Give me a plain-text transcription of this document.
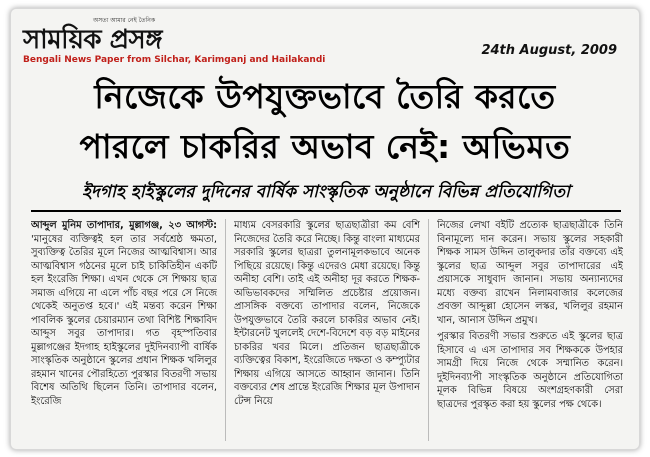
অসত্য আমার নেই তৈনিক
সাময়িক প্রসঙ্গ
Bengali News Paper from Silchar, Karimganj and Hailakandi
24th August, 2009
নিজেকে উপযুক্তভাবে তৈরি করতে
পারলে চাকরির অভাব নেই: অভিমত
ইদগাহ হাইস্কুলের দুদিনের বার্ষিক সাংস্কৃতিক অনুষ্ঠানে বিভিন্ন প্রতিযোগিতা

আব্দুল মুনিম তাপাদার, মুল্লাগঞ্জ, ২৩ আগস্ট: 'মানুষের ব্যক্তিত্বই হল তার সর্বশ্রেষ্ঠ ক্ষমতা, সুব্যক্তিত্ব তৈরির মূলে নিজের আত্মবিশ্বাস। আর আত্মবিশ্বাস গঠনের মূলে চাই চাকিতিহীন একটি হল ইংরেজি শিক্ষা। এখন থেকে সে শিক্ষায় ছাত্র সমাজ এগিয়ে না এলে পাঁচ বছর পরে সে নিজে থেকেই অনুতপ্ত হবে।' এই মন্তব্য করেন শিক্ষা পাবলিক স্কুলের চেয়ারম্যান তথা বিশিষ্ট শিক্ষাবিদ আব্দুস সবুর তাপাদার। গত বৃহস্পতিবার মুল্লাগঞ্জের ইদগাহ হাইস্কুলের দুইদিনব্যাপী বার্ষিক সাংস্কৃতিক অনুষ্ঠানে স্কুলের প্রধান শিক্ষক খলিলুর রহমান খানের পৌরহিত্যে পুরস্কার বিতরণী সভায় বিশেষ অতিথি ছিলেন তিনি। তাপাদার বলেন, ইংরেজি

মাধ্যম বেসরকারি স্কুলের ছাত্রছাত্রীরা কম বেশি নিজেদের তৈরি করে নিচ্ছে। কিন্তু বাংলা মাধ্যমের সরকারি স্কুলের ছাত্ররা তুলনামূলকভাবে অনেক পিছিয়ে রয়েছে। কিন্তু এদেরও মেধা রয়েছে। কিন্তু অনীহা বেশি। তাই এই অনীহা দূর করতে শিক্ষক-অভিভাবকদের সম্মিলিত প্রচেষ্টার প্রয়োজন। প্রাসঙ্গিক বক্তব্যে তাপাদার বলেন, নিজেকে উপযুক্তভাবে তৈরি করলে চাকরির অভাব নেই। ইন্টারনেট খুললেই দেশে-বিদেশে বড় বড় মাইনের চাকরির খবর মিলে। প্রতিজন ছাত্রছাত্রীকে ব্যক্তিত্বের বিকাশ, ইংরেজিতে দক্ষতা ও কম্প্যুটার শিক্ষায় এগিয়ে আসতে আহ্বান জানান। তিনি বক্তব্যের শেষ প্রান্তে ইংরেজি শিক্ষার মূল উপাদান টেন্স নিয়ে

নিজের লেখা বইটি প্রত্যেক ছাত্রছাত্রীকে তিনি বিনামূল্যে দান করেন। সভায় স্কুলের সহকারী শিক্ষক সামস উদ্দিন তালুকদার তাঁর বক্তব্যে এই স্কুলের ছাত্র আব্দুল সবুর তাপাদারের এই প্রয়াসকে সাধুবাদ জানান। সভায় অন্যান্যদের মধ্যে বক্তব্য রাখেন নিলামবাজার কলেজের প্রবক্তা আব্দুল্লা হোসেন লস্কর, খলিলুর রহমান খান, আনাস উদ্দিন প্রমুখ।

পুরস্কার বিতরণী সভার শুরুতে এই স্কুলের ছাত্র হিসাবে এ এস তাপাদার সব শিক্ষককে উপহার সামগ্রী দিয়ে নিজে থেকে সম্মানিত করেন। দুইদিনব্যাপী সাংস্কৃতিক অনুষ্ঠানে প্রতিযোগিতা মূলক বিভিন্ন বিষয়ে অংশগ্রহণকারী সেরা ছাত্রদের পুরস্কৃত করা হয় স্কুলের পক্ষ থেকে।
